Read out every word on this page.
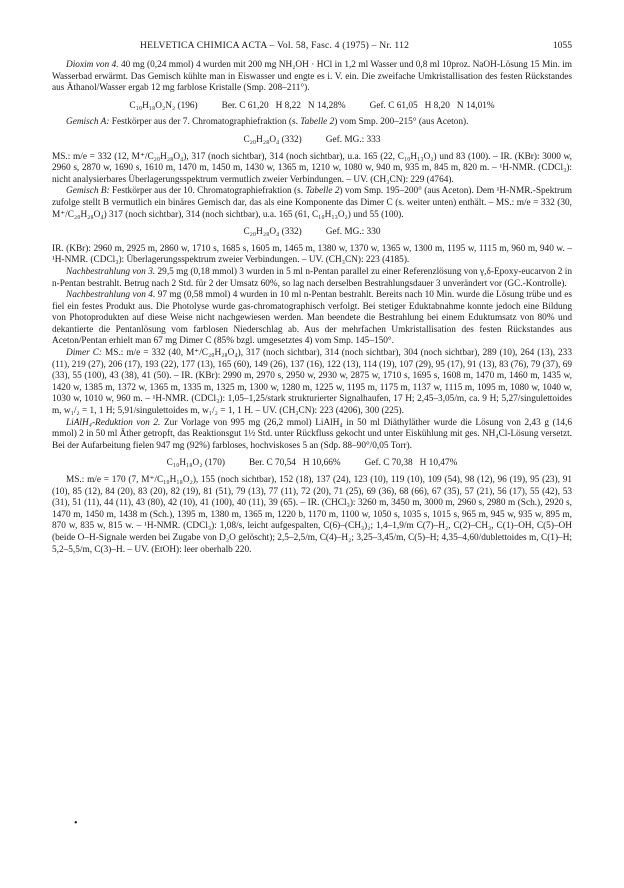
HELVETICA CHIMICA ACTA – Vol. 58, Fasc. 4 (1975) – Nr. 112	1055

Dioxim von 4. 40 mg (0,24 mmol) 4 wurden mit 200 mg NH₂OH · HCl in 1,2 ml Wasser und 0,8 ml 10proz. NaOH-Lösung 15 Min. im Wasserbad erwärmt. Das Gemisch kühlte man in Eiswasser und engte es i. V. ein. Die zweifache Umkristallisation des festen Rückstandes aus Äthanol/Wasser ergab 12 mg farblose Kristalle (Smp. 208–211°).

C₁₀H₁₈O₂N₂ (196)	Ber. C 61,20   H 8,22   N 14,28%	Gef. C 61,05   H 8,20   N 14,01%

Gemisch A: Festkörper aus der 7. Chromatographiefraktion (s. Tabelle 2) vom Smp. 200–215° (aus Aceton).

C₂₀H₂₈O₄ (332)	Gef. MG.: 333

MS.: m/e = 332 (12, M⁺/C₂₀H₂₈O₄), 317 (noch sichtbar), 314 (noch sichtbar), u.a. 165 (22, C₁₀H₁₃O₂) und 83 (100). – IR. (KBr): 3000 w, 2960 s, 2870 w, 1690 s, 1610 m, 1470 m, 1450 m, 1430 w, 1365 m, 1210 w, 1080 w, 940 m, 935 m, 845 m, 820 m. – ¹H-NMR. (CDCl₃): nicht analysierbares Überlagerungsspektrum vermutlich zweier Verbindungen. – UV. (CH₃CN): 229 (4764).

Gemisch B: Festkörper aus der 10. Chromatographiefraktion (s. Tabelle 2) vom Smp. 195–200° (aus Aceton). Dem ¹H-NMR.-Spektrum zufolge stellt B vermutlich ein binäres Gemisch dar, das als eine Komponente das Dimer C (s. weiter unten) enthält. – MS.: m/e = 332 (30, M⁺/C₂₀H₂₈O₄) 317 (noch sichtbar), 314 (noch sichtbar), u.a. 165 (61, C₁₀H₁₃O₂) und 55 (100).

C₂₀H₂₈O₄ (332)	Gef. MG.: 330

IR. (KBr): 2960 m, 2925 m, 2860 w, 1710 s, 1685 s, 1605 m, 1465 m, 1380 w, 1370 w, 1365 w, 1300 m, 1195 w, 1115 m, 960 m, 940 w. – ¹H-NMR. (CDCl₃): Überlagerungsspektrum zweier Verbindungen. – UV. (CH₃CN): 223 (4185).

Nachbestrahlung von 3. 29,5 mg (0,18 mmol) 3 wurden in 5 ml n-Pentan parallel zu einer Referenzlösung von γ,δ-Epoxy-eucarvon 2 in n-Pentan bestrahlt. Betrug nach 2 Std. für 2 der Umsatz 60%, so lag nach derselben Bestrahlungsdauer 3 unverändert vor (GC.-Kontrolle).

Nachbestrahlung von 4. 97 mg (0,58 mmol) 4 wurden in 10 ml n-Pentan bestrahlt. Bereits nach 10 Min. wurde die Lösung trübe und es fiel ein festes Produkt aus. Die Photolyse wurde gas-chromatographisch verfolgt. Bei stetiger Eduktabnahme konnte jedoch eine Bildung von Photoprodukten auf diese Weise nicht nachgewiesen werden. Man beendete die Bestrahlung bei einem Eduktumsatz von 80% und dekantierte die Pentanlösung vom farblosen Niederschlag ab. Aus der mehrfachen Umkristallisation des festen Rückstandes aus Aceton/Pentan erhielt man 67 mg Dimer C (85% bzgl. umgesetztes 4) vom Smp. 145–150°.

Dimer C: MS.: m/e = 332 (40, M⁺/C₂₀H₂₈O₄), 317 (noch sichtbar), 314 (noch sichtbar), 304 (noch sichtbar), 289 (10), 264 (13), 233 (11), 219 (27), 206 (17), 193 (22), 177 (13), 165 (60), 149 (26), 137 (16), 122 (13), 114 (19), 107 (29), 95 (17), 91 (13), 83 (76), 79 (37), 69 (33), 55 (100), 43 (38), 41 (50). – IR. (KBr): 2990 m, 2970 s, 2950 w, 2930 w, 2875 w, 1710 s, 1695 s, 1608 m, 1470 m, 1460 m, 1435 w, 1420 w, 1385 m, 1372 w, 1365 m, 1335 m, 1325 m, 1300 w, 1280 m, 1225 w, 1195 m, 1175 m, 1137 w, 1115 m, 1095 m, 1080 w, 1040 w, 1030 w, 1010 w, 960 m. – ¹H-NMR. (CDCl₃): 1,05–1,25/stark strukturierter Signalhaufen, 17 H; 2,45–3,05/m, ca. 9 H; 5,27/singulettoides m, w₁/₂ = 1, 1 H; 5,91/singulettoides m, w₁/₂ = 1, 1 H. – UV. (CH₃CN): 223 (4206), 300 (225).

LiAlH₄-Reduktion von 2. Zur Vorlage von 995 mg (26,2 mmol) LiAlH₄ in 50 ml Diäthyläther wurde die Lösung von 2,43 g (14,6 mmol) 2 in 50 ml Äther getropft, das Reaktionsgut 1½ Std. unter Rückfluss gekocht und unter Eiskühlung mit ges. NH₄Cl-Lösung versetzt. Bei der Aufarbeitung fielen 947 mg (92%) farbloses, hochviskoses 5 an (Sdp. 88–90°/0,05 Torr).

C₁₀H₁₈O₂ (170)	Ber. C 70,54   H 10,66%	Gef. C 70,38   H 10,47%

MS.: m/e = 170 (7, M⁺/C₁₀H₁₈O₂), 155 (noch sichtbar), 152 (18), 137 (24), 123 (10), 119 (10), 109 (54), 98 (12), 96 (19), 95 (23), 91 (10), 85 (12), 84 (20), 83 (20), 82 (19), 81 (51), 79 (13), 77 (11), 72 (20), 71 (25), 69 (36), 68 (66), 67 (35), 57 (21), 56 (17), 55 (42), 53 (31), 51 (11), 44 (11), 43 (80), 42 (10), 41 (100), 40 (11), 39 (65). – IR. (CHCl₃): 3260 m, 3450 m, 3000 m, 2960 s, 2980 m (Sch.), 2920 s, 1470 m, 1450 m, 1438 m (Sch.), 1395 m, 1380 m, 1365 m, 1220 b, 1170 m, 1100 w, 1050 s, 1035 s, 1015 s, 965 m, 945 w, 935 w, 895 m, 870 w, 835 w, 815 w. – ¹H-NMR. (CDCl₃): 1,08/s, leicht aufgespalten, C(6)–(CH₃)₂; 1,4–1,9/m C(7)–H₂, C(2)–CH₃, C(1)–OH, C(5)–OH (beide O–H-Signale werden bei Zugabe von D₂O gelöscht); 2,5–2,5/m, C(4)–H₂; 3,25–3,45/m, C(5)–H; 4,35–4,60/dublettoides m, C(1)–H; 5,2–5,5/m, C(3)–H. – UV. (EtOH): leer oberhalb 220.

•
